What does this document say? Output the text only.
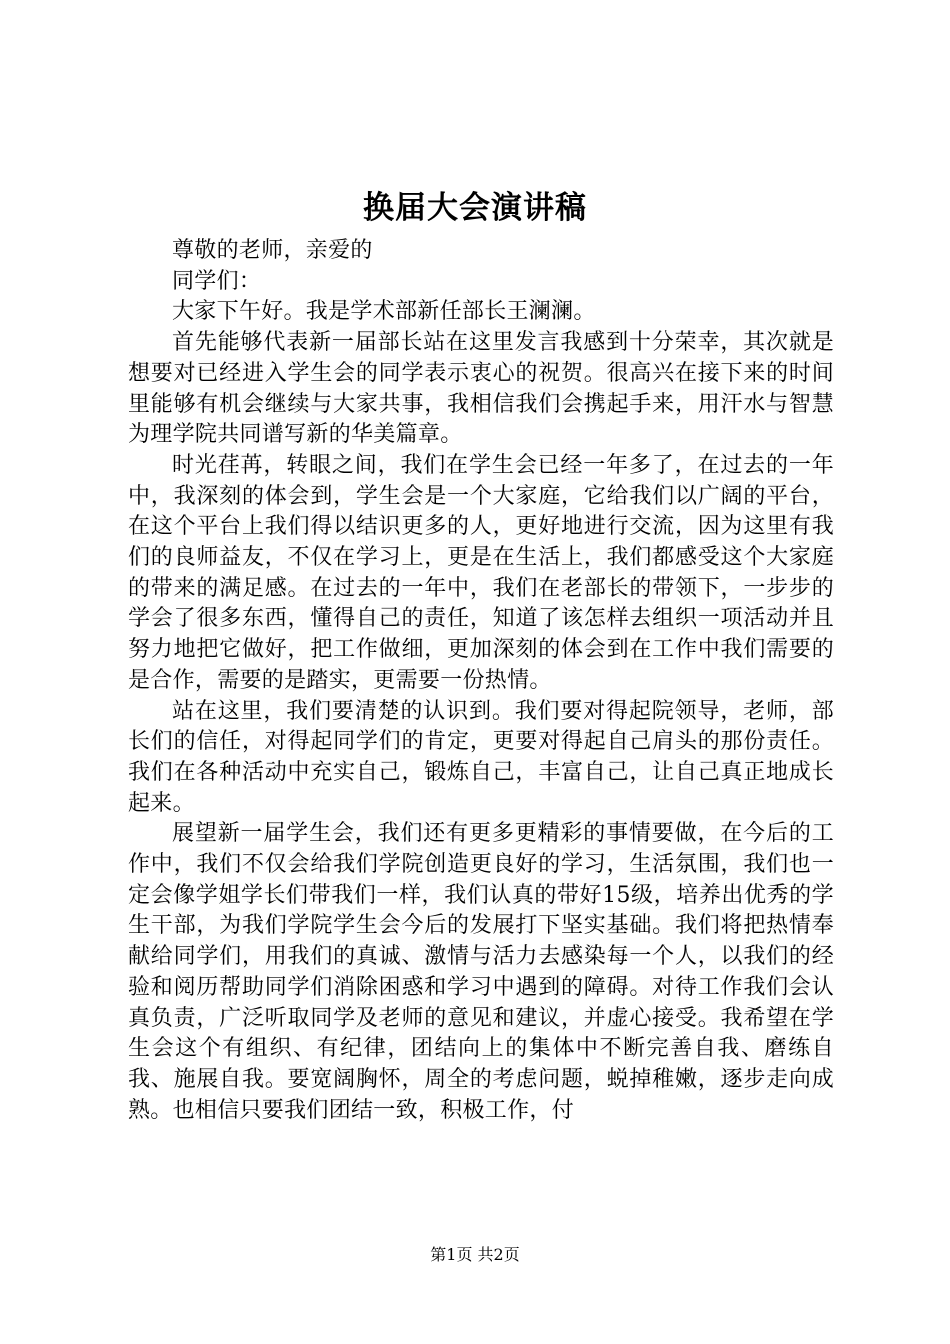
换届大会演讲稿

尊敬的老师，亲爱的

同学们：

大家下午好。我是学术部新任部长王澜澜。

首先能够代表新一届部长站在这里发言我感到十分荣幸，其次就是想要对已经进入学生会的同学表示衷心的祝贺。很高兴在接下来的时间里能够有机会继续与大家共事，我相信我们会携起手来，用汗水与智慧为理学院共同谱写新的华美篇章。

时光荏苒，转眼之间，我们在学生会已经一年多了，在过去的一年中，我深刻的体会到，学生会是一个大家庭，它给我们以广阔的平台，在这个平台上我们得以结识更多的人，更好地进行交流，因为这里有我们的良师益友，不仅在学习上，更是在生活上，我们都感受这个大家庭的带来的满足感。在过去的一年中，我们在老部长的带领下，一步步的学会了很多东西，懂得自己的责任，知道了该怎样去组织一项活动并且努力地把它做好，把工作做细，更加深刻的体会到在工作中我们需要的是合作，需要的是踏实，更需要一份热情。

站在这里，我们要清楚的认识到。我们要对得起院领导，老师，部长们的信任，对得起同学们的肯定，更要对得起自己肩头的那份责任。我们在各种活动中充实自己，锻炼自己，丰富自己，让自己真正地成长起来。

展望新一届学生会，我们还有更多更精彩的事情要做，在今后的工作中，我们不仅会给我们学院创造更良好的学习，生活氛围，我们也一定会像学姐学长们带我们一样，我们认真的带好15级，培养出优秀的学生干部，为我们学院学生会今后的发展打下坚实基础。我们将把热情奉献给同学们，用我们的真诚、激情与活力去感染每一个人，以我们的经验和阅历帮助同学们消除困惑和学习中遇到的障碍。对待工作我们会认真负责，广泛听取同学及老师的意见和建议，并虚心接受。我希望在学生会这个有组织、有纪律，团结向上的集体中不断完善自我、磨练自我、施展自我。要宽阔胸怀，周全的考虑问题，蜕掉稚嫩，逐步走向成熟。也相信只要我们团结一致，积极工作，付

第1页 共2页
